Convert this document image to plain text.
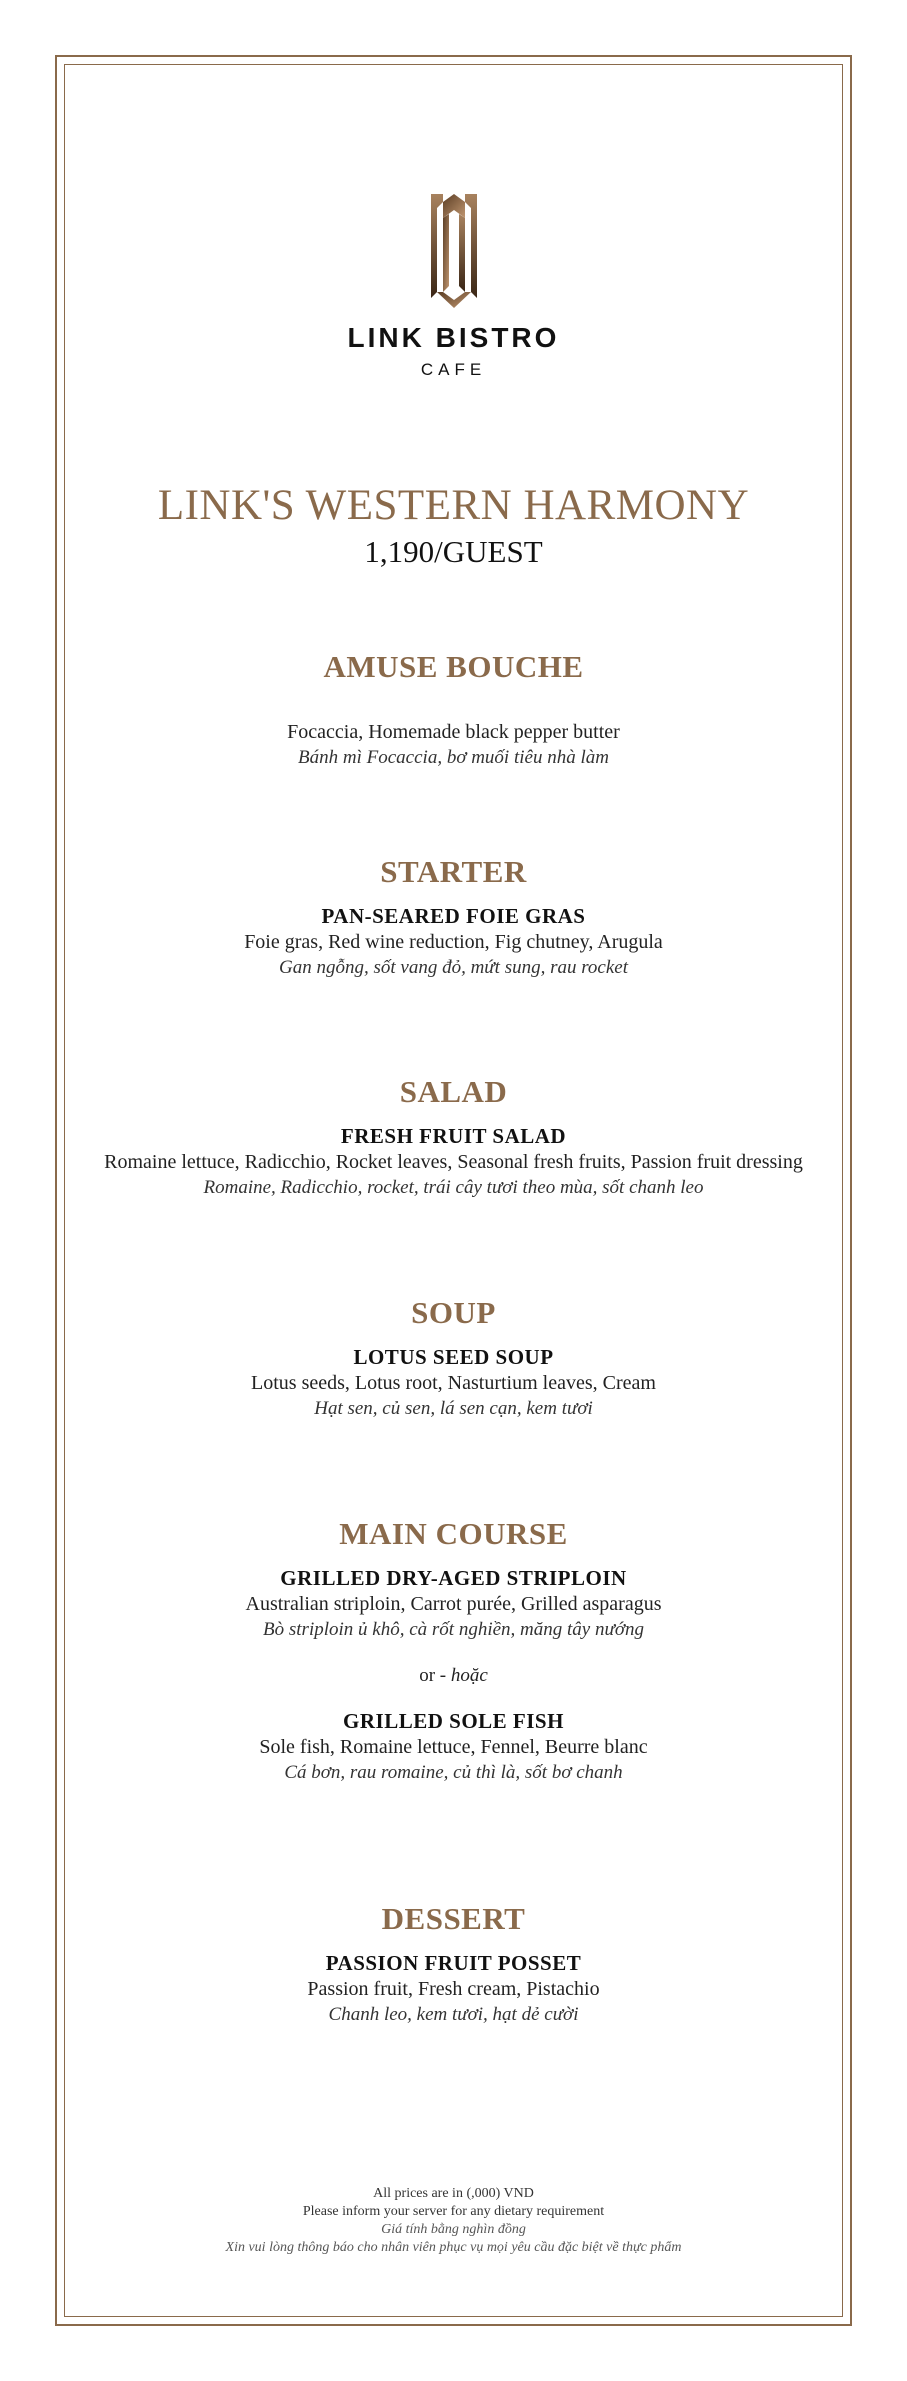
LINK BISTRO
CAFE
LINK'S WESTERN HARMONY
1,190/GUEST
AMUSE BOUCHE
Focaccia, Homemade black pepper butter
Bánh mì Focaccia, bơ muối tiêu nhà làm
STARTER
PAN-SEARED FOIE GRAS
Foie gras, Red wine reduction, Fig chutney, Arugula
Gan ngỗng, sốt vang đỏ, mứt sung, rau rocket
SALAD
FRESH FRUIT SALAD
Romaine lettuce, Radicchio, Rocket leaves, Seasonal fresh fruits, Passion fruit dressing
Romaine, Radicchio, rocket, trái cây tươi theo mùa, sốt chanh leo
SOUP
LOTUS SEED SOUP
Lotus seeds, Lotus root, Nasturtium leaves, Cream
Hạt sen, củ sen, lá sen cạn, kem tươi
MAIN COURSE
GRILLED DRY-AGED STRIPLOIN
Australian striploin, Carrot purée, Grilled asparagus
Bò striploin ủ khô, cà rốt nghiền, măng tây nướng
or - hoặc
GRILLED SOLE FISH
Sole fish, Romaine lettuce, Fennel, Beurre blanc
Cá bơn, rau romaine, củ thì là, sốt bơ chanh
DESSERT
PASSION FRUIT POSSET
Passion fruit, Fresh cream, Pistachio
Chanh leo, kem tươi, hạt dẻ cười
All prices are in (,000) VND
Please inform your server for any dietary requirement
Giá tính bằng nghìn đồng
Xin vui lòng thông báo cho nhân viên phục vụ mọi yêu cầu đặc biệt về thực phẩm
